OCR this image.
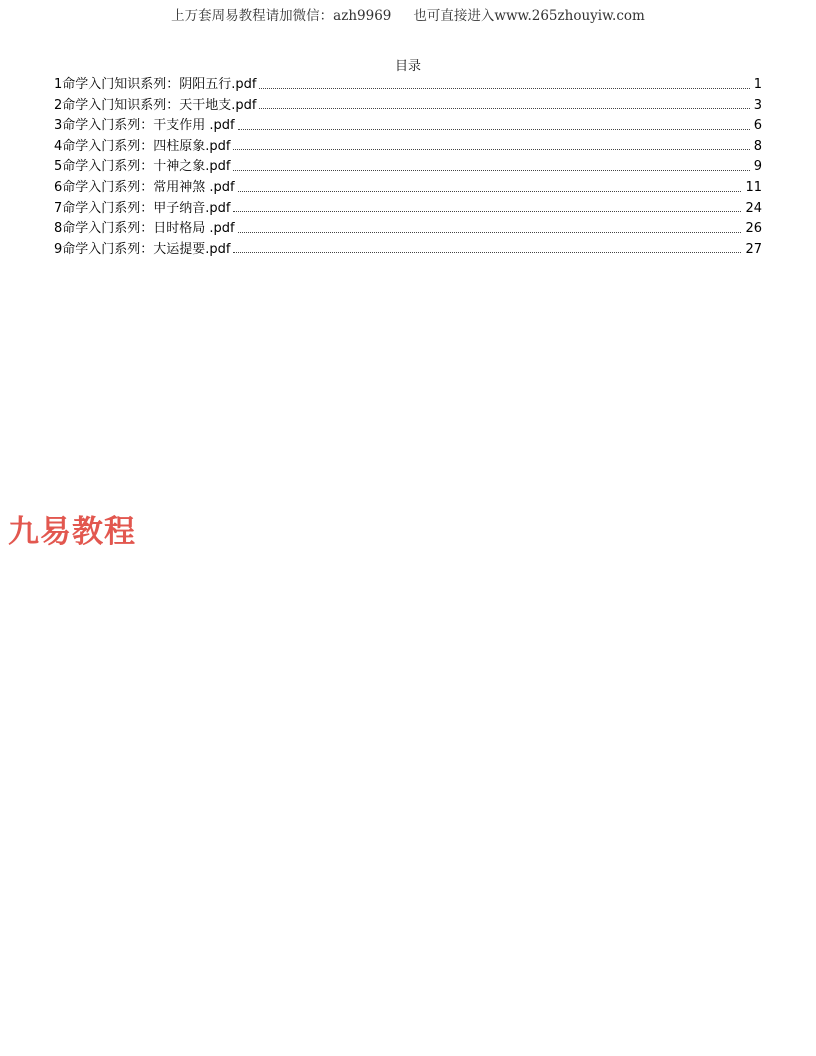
上万套周易教程请加微信：azh9969 也可直接进入www.265zhouyiw.com
目录
1命学入门知识系列：阴阳五行.pdf	1
2命学入门知识系列：天干地支.pdf	3
3命学入门系列：干支作用 .pdf	6
4命学入门系列：四柱原象.pdf	8
5命学入门系列：十神之象.pdf	9
6命学入门系列：常用神煞 .pdf	11
7命学入门系列：甲子纳音.pdf	24
8命学入门系列：日时格局 .pdf	26
9命学入门系列：大运提要.pdf	27
九易教程
